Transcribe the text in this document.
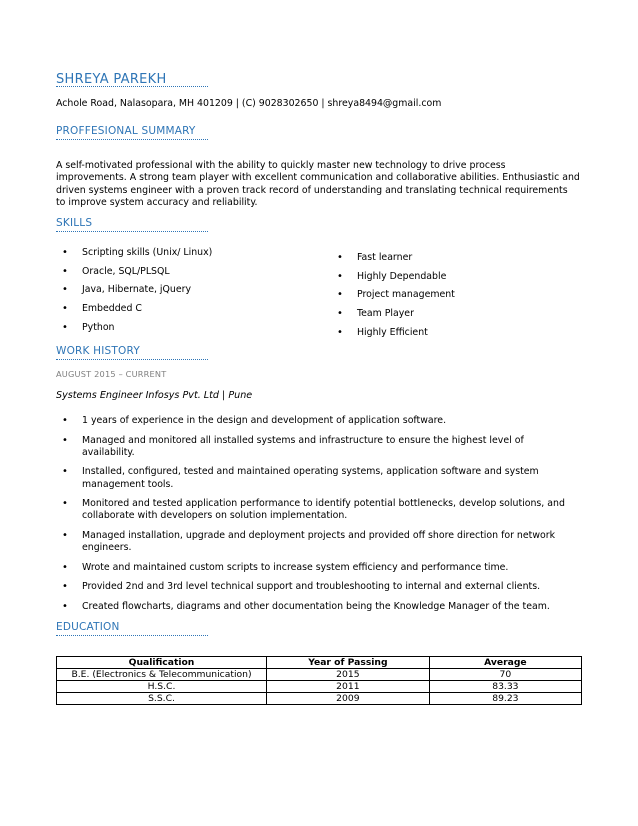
SHREYA PAREKH
Achole Road, Nalasopara, MH 401209 | (C) 9028302650 | shreya8494@gmail.com
PROFFESIONAL SUMMARY
A self-motivated professional with the ability to quickly master new technology to drive process
improvements. A strong team player with excellent communication and collaborative abilities. Enthusiastic and
driven systems engineer with a proven track record of understanding and translating technical requirements
to improve system accuracy and reliability.
SKILLS
• Scripting skills (Unix/ Linux)
• Oracle, SQL/PLSQL
• Java, Hibernate, jQuery
• Embedded C
• Python
• Fast learner
• Highly Dependable
• Project management
• Team Player
• Highly Efficient
WORK HISTORY
AUGUST 2015 – CURRENT
Systems Engineer Infosys Pvt. Ltd | Pune
• 1 years of experience in the design and development of application software.
• Managed and monitored all installed systems and infrastructure to ensure the highest level of
availability.
• Installed, configured, tested and maintained operating systems, application software and system
management tools.
• Monitored and tested application performance to identify potential bottlenecks, develop solutions, and
collaborate with developers on solution implementation.
• Managed installation, upgrade and deployment projects and provided off shore direction for network
engineers.
• Wrote and maintained custom scripts to increase system efficiency and performance time.
• Provided 2nd and 3rd level technical support and troubleshooting to internal and external clients.
• Created flowcharts, diagrams and other documentation being the Knowledge Manager of the team.
EDUCATION
Qualification	Year of Passing	Average
B.E. (Electronics & Telecommunication)	2015	70
H.S.C.	2011	83.33
S.S.C.	2009	89.23
